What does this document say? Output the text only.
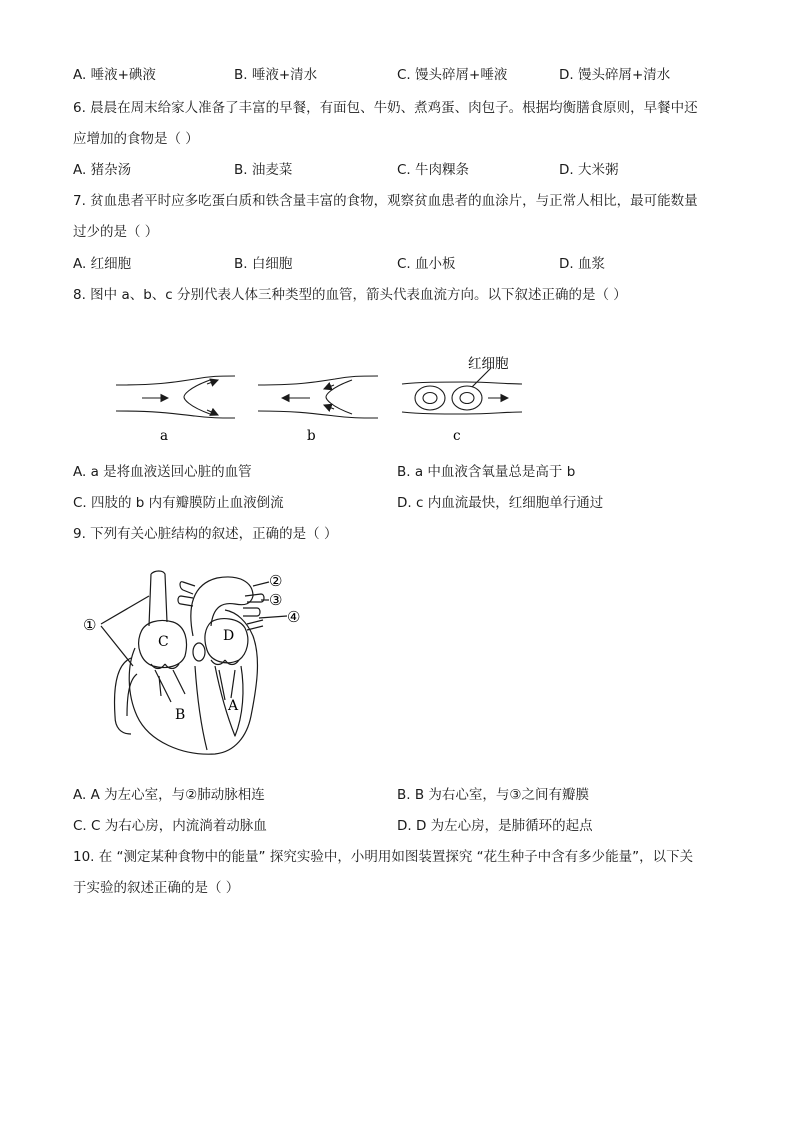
A. 唾液+碘液	B. 唾液+清水	C. 馒头碎屑+唾液	D. 馒头碎屑+清水
6. 晨晨在周末给家人准备了丰富的早餐，有面包、牛奶、煮鸡蛋、肉包子。根据均衡膳食原则，早餐中还
应增加的食物是（ ）
A. 猪杂汤	B. 油麦菜	C. 牛肉粿条	D. 大米粥
7. 贫血患者平时应多吃蛋白质和铁含量丰富的食物，观察贫血患者的血涂片，与正常人相比，最可能数量
过少的是（ ）
A. 红细胞	B. 白细胞	C. 血小板	D. 血浆
8. 图中 a、b、c 分别代表人体三种类型的血管，箭头代表血流方向。以下叙述正确的是（ ）
红细胞
a	b	c
A. a 是将血液送回心脏的血管	B. a 中血液含氧量总是高于 b
C. 四肢的 b 内有瓣膜防止血液倒流	D. c 内血流最快，红细胞单行通过
9. 下列有关心脏结构的叙述，正确的是（ ）
①
②
③
④
C	D
B
A
A. A 为左心室，与②肺动脉相连	B. B 为右心室，与③之间有瓣膜
C. C 为右心房，内流淌着动脉血	D. D 为左心房，是肺循环的起点
10. 在 “测定某种食物中的能量” 探究实验中，小明用如图装置探究 “花生种子中含有多少能量”，以下关
于实验的叙述正确的是（ ）
